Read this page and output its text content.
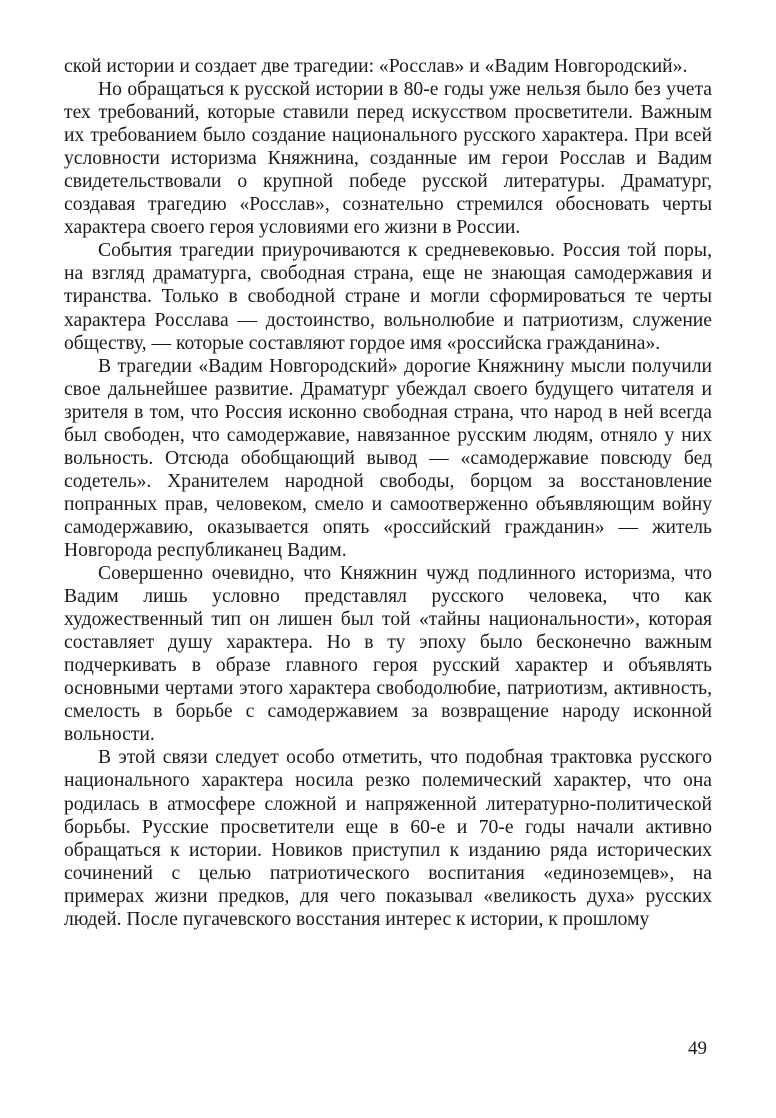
ской истории и создает две трагедии: «Росслав» и «Вадим Новгородский».

Но обращаться к русской истории в 80-е годы уже нельзя было без учета тех требований, которые ставили перед искусством просветители. Важным их требованием было создание национального русского характера. При всей условности историзма Княжнина, созданные им герои Росслав и Вадим свидетельствовали о крупной победе русской литературы. Драматург, создавая трагедию «Росслав», сознательно стремился обосновать черты характера своего героя условиями его жизни в России.

События трагедии приурочиваются к средневековью. Россия той поры, на взгляд драматурга, свободная страна, еще не знающая самодержавия и тиранства. Только в свободной стране и могли сформироваться те черты характера Росслава — достоинство, вольнолюбие и патриотизм, служение обществу, — которые составляют гордое имя «российска гражданина».

В трагедии «Вадим Новгородский» дорогие Княжнину мысли получили свое дальнейшее развитие. Драматург убеждал своего будущего читателя и зрителя в том, что Россия исконно свободная страна, что народ в ней всегда был свободен, что самодержавие, навязанное русским людям, отняло у них вольность. Отсюда обобщающий вывод — «самодержавие повсюду бед содетель». Хранителем народной свободы, борцом за восстановление попранных прав, человеком, смело и самоотверженно объявляющим войну самодержавию, оказывается опять «российский гражданин» — житель Новгорода республиканец Вадим.

Совершенно очевидно, что Княжнин чужд подлинного историзма, что Вадим лишь условно представлял русского человека, что как художественный тип он лишен был той «тайны национальности», которая составляет душу характера. Но в ту эпоху было бесконечно важным подчеркивать в образе главного героя русский характер и объявлять основными чертами этого характера свободолюбие, патриотизм, активность, смелость в борьбе с самодержавием за возвращение народу исконной вольности.

В этой связи следует особо отметить, что подобная трактовка русского национального характера носила резко полемический характер, что она родилась в атмосфере сложной и напряженной литературно-политической борьбы. Русские просветители еще в 60-е и 70-е годы начали активно обращаться к истории. Новиков приступил к изданию ряда исторических сочинений с целью патриотического воспитания «единоземцев», на примерах жизни предков, для чего показывал «великость духа» русских людей. После пугачевского восстания интерес к истории, к прошлому

49
